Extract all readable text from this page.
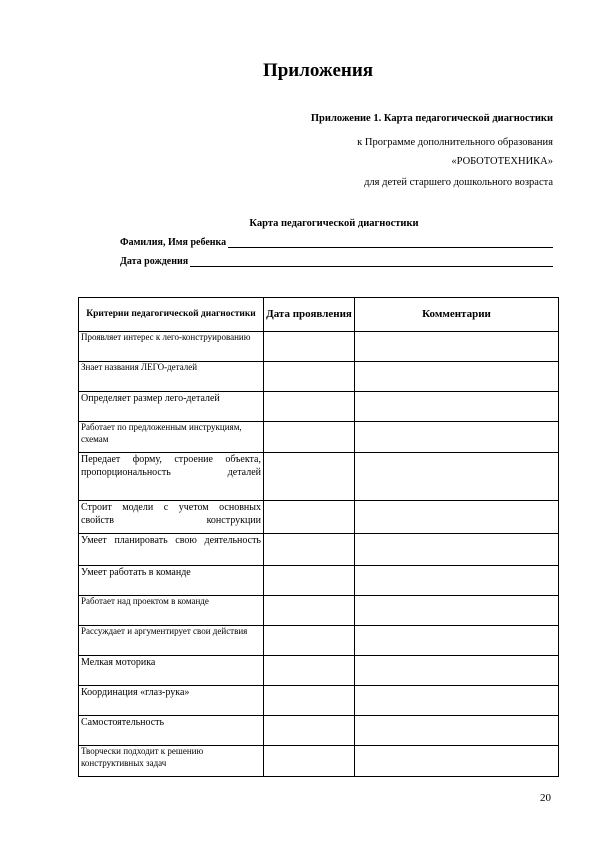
Приложения
Приложение 1. Карта педагогической диагностики
к Программе дополнительного образования
«РОБОТОТЕХНИКА»
для детей старшего дошкольного возраста
Карта педагогической диагностики
Фамилия, Имя ребенка
Дата рождения
Критерии педагогической диагностики	Дата проявления	Комментарии
Проявляет интерес к лего-конструированию		
Знает названия ЛЕГО-деталей		
Определяет размер лего-деталей		
Работает по предложенным инструкциям, схемам		
Передает форму, строение объекта, пропорциональность деталей		
Строит модели с учетом основных свойств конструкции		
Умеет планировать свою деятельность		
Умеет работать в команде		
Работает над проектом в команде		
Рассуждает и аргументирует свои действия		
Мелкая моторика		
Координация «глаз-рука»		
Самостоятельность		
Творчески подходит к решению конструктивных задач		
20
